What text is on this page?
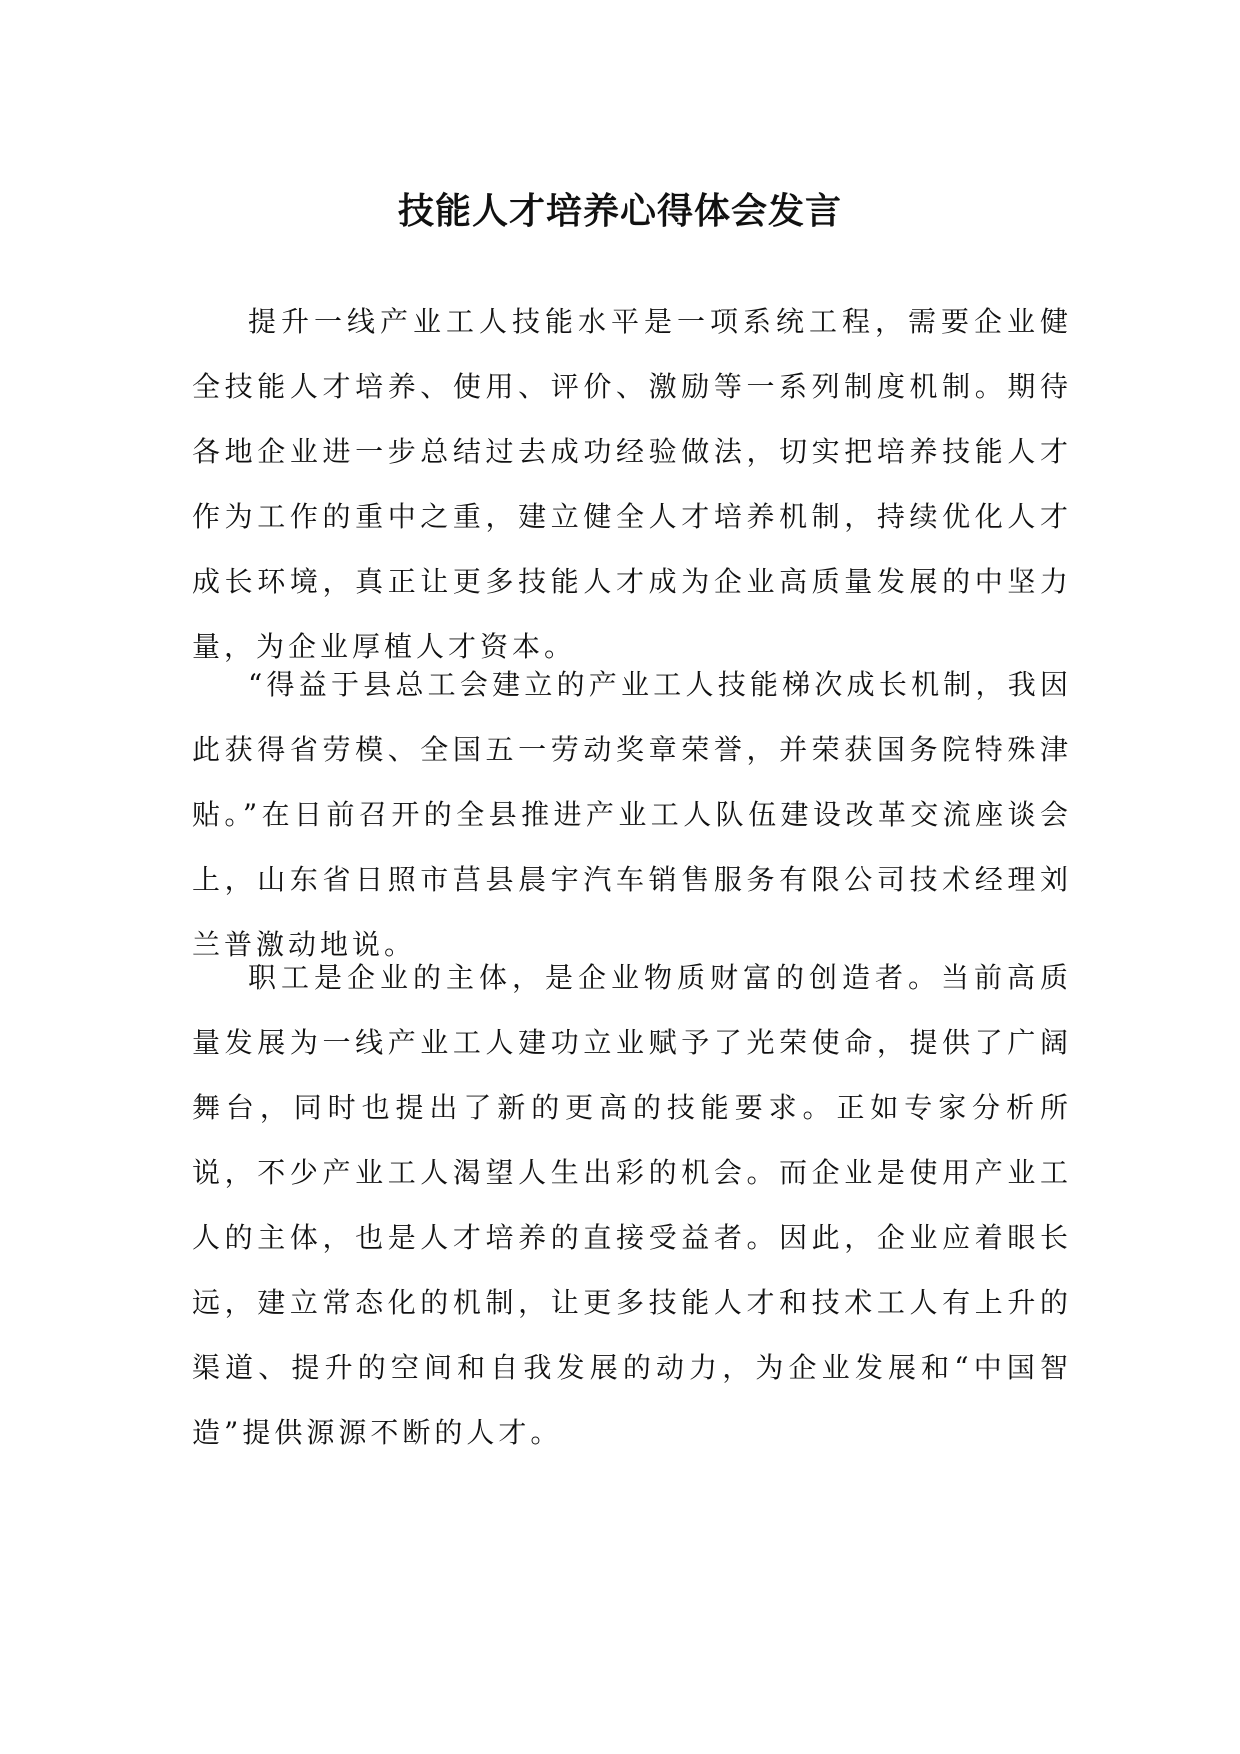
技能人才培养心得体会发言

提升一线产业工人技能水平是一项系统工程，需要企业健全技能人才培养、使用、评价、激励等一系列制度机制。期待各地企业进一步总结过去成功经验做法，切实把培养技能人才作为工作的重中之重，建立健全人才培养机制，持续优化人才成长环境，真正让更多技能人才成为企业高质量发展的中坚力量，为企业厚植人才资本。

“得益于县总工会建立的产业工人技能梯次成长机制，我因此获得省劳模、全国五一劳动奖章荣誉，并荣获国务院特殊津贴。”在日前召开的全县推进产业工人队伍建设改革交流座谈会上，山东省日照市莒县晨宇汽车销售服务有限公司技术经理刘兰普激动地说。

职工是企业的主体，是企业物质财富的创造者。当前高质量发展为一线产业工人建功立业赋予了光荣使命，提供了广阔舞台，同时也提出了新的更高的技能要求。正如专家分析所说，不少产业工人渴望人生出彩的机会。而企业是使用产业工人的主体，也是人才培养的直接受益者。因此，企业应着眼长远，建立常态化的机制，让更多技能人才和技术工人有上升的渠道、提升的空间和自我发展的动力，为企业发展和“中国智造”提供源源不断的人才。
